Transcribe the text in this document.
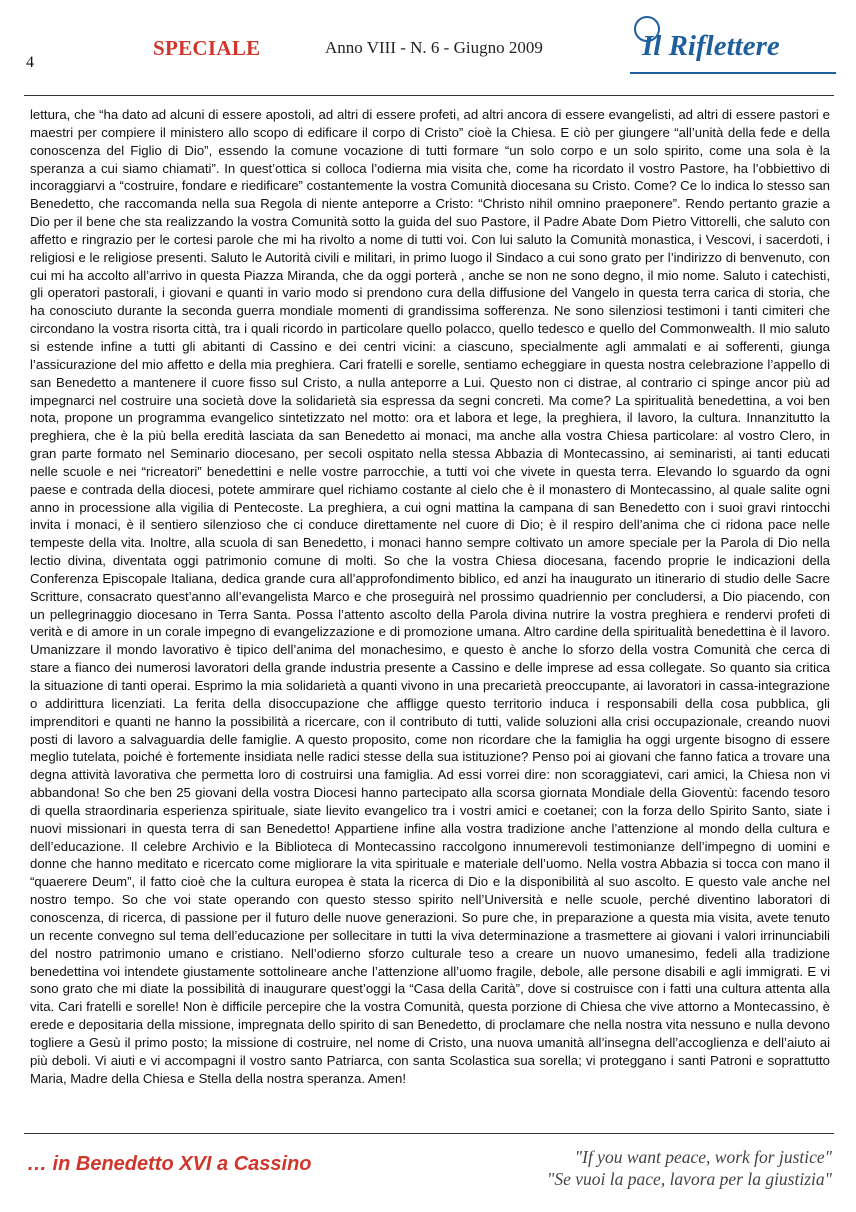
4
SPECIALE	Anno VIII - N. 6 - Giugno 2009	Il Riflettere

lettura, che “ha dato ad alcuni di essere apostoli, ad altri di essere profeti, ad altri ancora di essere evangelisti, ad altri di essere pastori e maestri per compiere il ministero allo scopo di edificare il corpo di Cristo” cioè la Chiesa. E ciò per giungere “all’unità della fede e della conoscenza del Figlio di Dio”, essendo la comune vocazione di tutti formare “un solo corpo e un solo spirito, come una sola è la speranza a cui siamo chiamati”. In quest’ottica si colloca l’odierna mia visita che, come ha ricordato il vostro Pastore, ha l’obbiettivo di incoraggiarvi a “costruire, fondare e riedificare” costantemente la vostra Comunità diocesana su Cristo. Come? Ce lo indica lo stesso san Benedetto, che raccomanda nella sua Regola di niente anteporre a Cristo: “Christo nihil omnino praeponere”. Rendo pertanto grazie a Dio per il bene che sta realizzando la vostra Comunità sotto la guida del suo Pastore, il Padre Abate Dom Pietro Vittorelli, che saluto con affetto e ringrazio per le cortesi parole che mi ha rivolto a nome di tutti voi. Con lui saluto la Comunità monastica, i Vescovi, i sacerdoti, i religiosi e le religiose presenti. Saluto le Autorità civili e militari, in primo luogo il Sindaco a cui sono grato per l’indirizzo di benvenuto, con cui mi ha accolto all’arrivo in questa Piazza Miranda, che da oggi porterà , anche se non ne sono degno, il mio nome. Saluto i catechisti, gli operatori pastorali, i giovani e quanti in vario modo si prendono cura della diffusione del Vangelo in questa terra carica di storia, che ha conosciuto durante la seconda guerra mondiale momenti di grandissima sofferenza. Ne sono silenziosi testimoni i tanti cimiteri che circondano la vostra risorta città, tra i quali ricordo in particolare quello polacco, quello tedesco e quello del Commonwealth. Il mio saluto si estende infine a tutti gli abitanti di Cassino e dei centri vicini: a ciascuno, specialmente agli ammalati e ai sofferenti, giunga l’assicurazione del mio affetto e della mia preghiera. Cari fratelli e sorelle, sentiamo echeggiare in questa nostra celebrazione l’appello di san Benedetto a mantenere il cuore fisso sul Cristo, a nulla anteporre a Lui. Questo non ci distrae, al contrario ci spinge ancor più ad impegnarci nel costruire una società dove la solidarietà sia espressa da segni concreti. Ma come? La spiritualità benedettina, a voi ben nota, propone un programma evangelico sintetizzato nel motto: ora et labora et lege, la preghiera, il lavoro, la cultura. Innanzitutto la preghiera, che è la più bella eredità lasciata da san Benedetto ai monaci, ma anche alla vostra Chiesa particolare: al vostro Clero, in gran parte formato nel Seminario diocesano, per secoli ospitato nella stessa Abbazia di Montecassino, ai seminaristi, ai tanti educati nelle scuole e nei “ricreatori” benedettini e nelle vostre parrocchie, a tutti voi che vivete in questa terra. Elevando lo sguardo da ogni paese e contrada della diocesi, potete ammirare quel richiamo costante al cielo che è il monastero di Montecassino, al quale salite ogni anno in processione alla vigilia di Pentecoste. La preghiera, a cui ogni mattina la campana di san Benedetto con i suoi gravi rintocchi invita i monaci, è il sentiero silenzioso che ci conduce direttamente nel cuore di Dio; è il respiro dell’anima che ci ridona pace nelle tempeste della vita. Inoltre, alla scuola di san Benedetto, i monaci hanno sempre coltivato un amore speciale per la Parola di Dio nella lectio divina, diventata oggi patrimonio comune di molti. So che la vostra Chiesa diocesana, facendo proprie le indicazioni della Conferenza Episcopale Italiana, dedica grande cura all’approfondimento biblico, ed anzi ha inaugurato un itinerario di studio delle Sacre Scritture, consacrato quest’anno all’evangelista Marco e che proseguirà nel prossimo quadriennio per concludersi, a Dio piacendo, con un pellegrinaggio diocesano in Terra Santa. Possa l’attento ascolto della Parola divina nutrire la vostra preghiera e rendervi profeti di verità e di amore in un corale impegno di evangelizzazione e di promozione umana. Altro cardine della spiritualità benedettina è il lavoro. Umanizzare il mondo lavorativo è tipico dell’anima del monachesimo, e questo è anche lo sforzo della vostra Comunità che cerca di stare a fianco dei numerosi lavoratori della grande industria presente a Cassino e delle imprese ad essa collegate. So quanto sia critica la situazione di tanti operai. Esprimo la mia solidarietà a quanti vivono in una precarietà preoccupante, ai lavoratori in cassa-integrazione o addirittura licenziati. La ferita della disoccupazione che affligge questo territorio induca i responsabili della cosa pubblica, gli imprenditori e quanti ne hanno la possibilità a ricercare, con il contributo di tutti, valide soluzioni alla crisi occupazionale, creando nuovi posti di lavoro a salvaguardia delle famiglie. A questo proposito, come non ricordare che la famiglia ha oggi urgente bisogno di essere meglio tutelata, poiché è fortemente insidiata nelle radici stesse della sua istituzione? Penso poi ai giovani che fanno fatica a trovare una degna attività lavorativa che permetta loro di costruirsi una famiglia. Ad essi vorrei dire: non scoraggiatevi, cari amici, la Chiesa non vi abbandona! So che ben 25 giovani della vostra Diocesi hanno partecipato alla scorsa giornata Mondiale della Gioventù: facendo tesoro di quella straordinaria esperienza spirituale, siate lievito evangelico tra i vostri amici e coetanei; con la forza dello Spirito Santo, siate i nuovi missionari in questa terra di san Benedetto! Appartiene infine alla vostra tradizione anche l’attenzione al mondo della cultura e dell’educazione. Il celebre Archivio e la Biblioteca di Montecassino raccolgono innumerevoli testimonianze dell’impegno di uomini e donne che hanno meditato e ricercato come migliorare la vita spirituale e materiale dell’uomo. Nella vostra Abbazia si tocca con mano il “quaerere Deum”, il fatto cioè che la cultura europea è stata la ricerca di Dio e la disponibilità al suo ascolto. E questo vale anche nel nostro tempo. So che voi state operando con questo stesso spirito nell’Università e nelle scuole, perché diventino laboratori di conoscenza, di ricerca, di passione per il futuro delle nuove generazioni. So pure che, in preparazione a questa mia visita, avete tenuto un recente convegno sul tema dell’educazione per sollecitare in tutti la viva determinazione a trasmettere ai giovani i valori irrinunciabili del nostro patrimonio umano e cristiano. Nell’odierno sforzo culturale teso a creare un nuovo umanesimo, fedeli alla tradizione benedettina voi intendete giustamente sottolineare anche l’attenzione all’uomo fragile, debole, alle persone disabili e agli immigrati. E vi sono grato che mi diate la possibilità di inaugurare quest’oggi la “Casa della Carità”, dove si costruisce con i fatti una cultura attenta alla vita. Cari fratelli e sorelle! Non è difficile percepire che la vostra Comunità, questa porzione di Chiesa che vive attorno a Montecassino, è erede e depositaria della missione, impregnata dello spirito di san Benedetto, di proclamare che nella nostra vita nessuno e nulla devono togliere a Gesù il primo posto; la missione di costruire, nel nome di Cristo, una nuova umanità all’insegna dell’accoglienza e dell’aiuto ai più deboli. Vi aiuti e vi accompagni il vostro santo Patriarca, con santa Scolastica sua sorella; vi proteggano i santi Patroni e soprattutto Maria, Madre della Chiesa e Stella della nostra speranza. Amen!

… in Benedetto XVI a Cassino	"If you want peace, work for justice"
"Se vuoi la pace, lavora per la giustizia"
